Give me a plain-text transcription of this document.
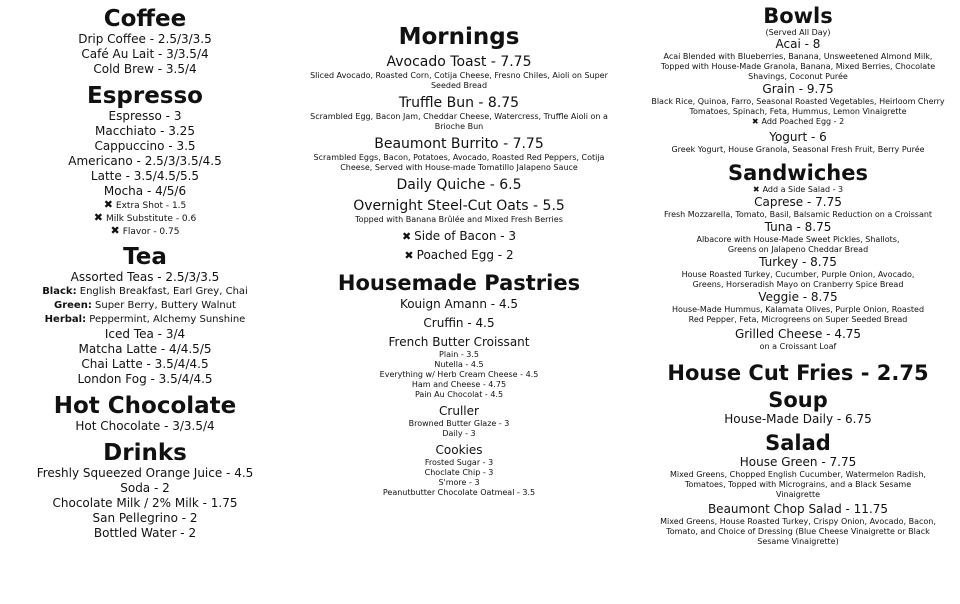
Coffee

Drip Coffee - 2.5/3/3.5

Café Au Lait - 3/3.5/4

Cold Brew - 3.5/4

Espresso

Espresso - 3

Macchiato - 3.25

Cappuccino - 3.5

Americano - 2.5/3/3.5/4.5

Latte - 3.5/4.5/5.5

Mocha - 4/5/6

✖ Extra Shot - 1.5

✖ Milk Substitute - 0.6

✖ Flavor - 0.75

Tea

Assorted Teas - 2.5/3/3.5

Black: English Breakfast, Earl Grey, Chai

Green: Super Berry, Buttery Walnut

Herbal: Peppermint, Alchemy Sunshine

Iced Tea - 3/4

Matcha Latte - 4/4.5/5

Chai Latte - 3.5/4/4.5

London Fog - 3.5/4/4.5

Hot Chocolate

Hot Chocolate - 3/3.5/4

Drinks

Freshly Squeezed Orange Juice - 4.5

Soda - 2

Chocolate Milk / 2% Milk - 1.75

San Pellegrino - 2

Bottled Water - 2

Mornings

Avocado Toast - 7.75

Sliced Avocado, Roasted Corn, Cotija Cheese, Fresno Chiles, Aioli on Super Seeded Bread

Truffle Bun - 8.75

Scrambled Egg, Bacon Jam, Cheddar Cheese, Watercress, Truffle Aioli on a Brioche Bun

Beaumont Burrito - 7.75

Scrambled Eggs, Bacon, Potatoes, Avocado, Roasted Red Peppers, Cotija Cheese, Served with House-made Tomatillo Jalapeno Sauce

Daily Quiche - 6.5

Overnight Steel-Cut Oats - 5.5

Topped with Banana Brûlée and Mixed Fresh Berries

✖ Side of Bacon - 3

✖ Poached Egg - 2

Housemade Pastries

Kouign Amann - 4.5

Cruffin - 4.5

French Butter Croissant

Plain - 3.5

Nutella - 4.5

Everything w/ Herb Cream Cheese - 4.5

Ham and Cheese - 4.75

Pain Au Chocolat - 4.5

Cruller

Browned Butter Glaze - 3

Daily - 3

Cookies

Frosted Sugar - 3

Choclate Chip - 3

S'more - 3

Peanutbutter Chocolate Oatmeal - 3.5

Bowls

(Served All Day)

Acai - 8

Acai Blended with Blueberries, Banana, Unsweetened Almond Milk, Topped with House-Made Granola, Banana, Mixed Berries, Chocolate Shavings, Coconut Purée

Grain - 9.75

Black Rice, Quinoa, Farro, Seasonal Roasted Vegetables, Heirloom Cherry Tomatoes, Spinach, Feta, Hummus, Lemon Vinaigrette

✖ Add Poached Egg - 2

Yogurt - 6

Greek Yogurt, House Granola, Seasonal Fresh Fruit, Berry Purée

Sandwiches

✖ Add a Side Salad - 3

Caprese - 7.75

Fresh Mozzarella, Tomato, Basil, Balsamic Reduction on a Croissant

Tuna - 8.75

Albacore with House-Made Sweet Pickles, Shallots, Greens on Jalapeno Cheddar Bread

Turkey - 8.75

House Roasted Turkey, Cucumber, Purple Onion, Avocado, Greens, Horseradish Mayo on Cranberry Spice Bread

Veggie - 8.75

House-Made Hummus, Kalamata Olives, Purple Onion, Roasted Red Pepper, Feta, Microgreens on Super Seeded Bread

Grilled Cheese - 4.75

on a Croissant Loaf

House Cut Fries - 2.75

Soup

House-Made Daily - 6.75

Salad

House Green - 7.75

Mixed Greens, Chopped English Cucumber, Watermelon Radish, Tomatoes, Topped with Micrograins, and a Black Sesame Vinaigrette

Beaumont Chop Salad - 11.75

Mixed Greens, House Roasted Turkey, Crispy Onion, Avocado, Bacon, Tomato, and Choice of Dressing (Blue Cheese Vinaigrette or Black Sesame Vinaigrette)
